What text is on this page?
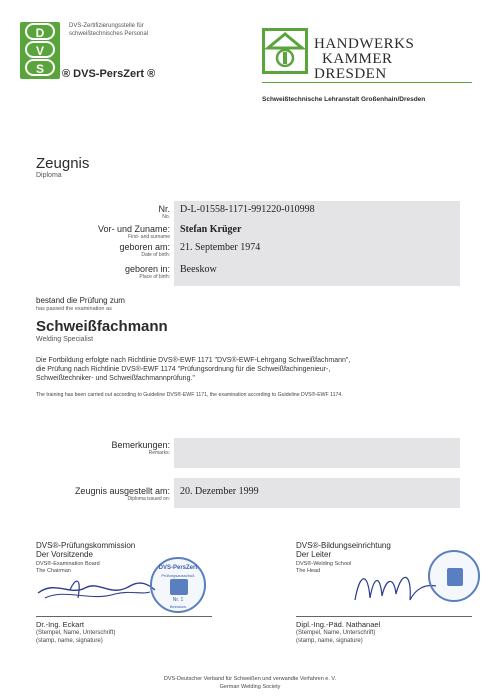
D
V
S
DVS-Zertifizierungsstelle für
schweißtechnisches Personal
® DVS-PersZert ®
HANDWERKS
KAMMER
DRESDEN
Schweißtechnische Lehranstalt Großenhain/Dresden
Zeugnis
Diploma
Nr.
No.
D-L-01558-1171-991220-010998
Vor- und Zuname:
First- and surname
Stefan Krüger
geboren am:
Date of birth:
21. September 1974
geboren in:
Place of birth:
Beeskow
bestand die Prüfung zum
has passed the examination as
Schweißfachmann
Welding Specialist
Die Fortbildung erfolgte nach Richtlinie DVS®-EWF 1171 "DVS®-EWF-Lehrgang Schweißfachmann",
die Prüfung nach Richtlinie DVS®-EWF 1174 "Prüfungsordnung für die Schweißfachingenieur-,
Schweißtechniker- und Schweißfachmannprüfung."
The training has been carried out according to Guideline DVS®-EWF 1171, the examination according to Guideline DVS®-EWF 1174.
Bemerkungen:
Remarks:
Zeugnis ausgestellt am:
Diploma issued on:
20. Dezember 1999
DVS®-Prüfungskommission
Der Vorsitzende
DVS®-Examination Board
The Chairman	DVS-PersZert
Prüfungsausschuß
Nr. 1
Beeskow
Dr.-Ing. Eckart
(Stempel, Name, Unterschrift)
(stamp, name, signature)
DVS®-Bildungseinrichtung
Der Leiter
DVS®-Welding School
The Head
Dipl.-Ing.-Päd. Nathanael
(Stempel, Name, Unterschrift)
(stamp, name, signature)
DVS-Deutscher Verband für Schweißen und verwandte Verfahren e. V.
German Welding Society
